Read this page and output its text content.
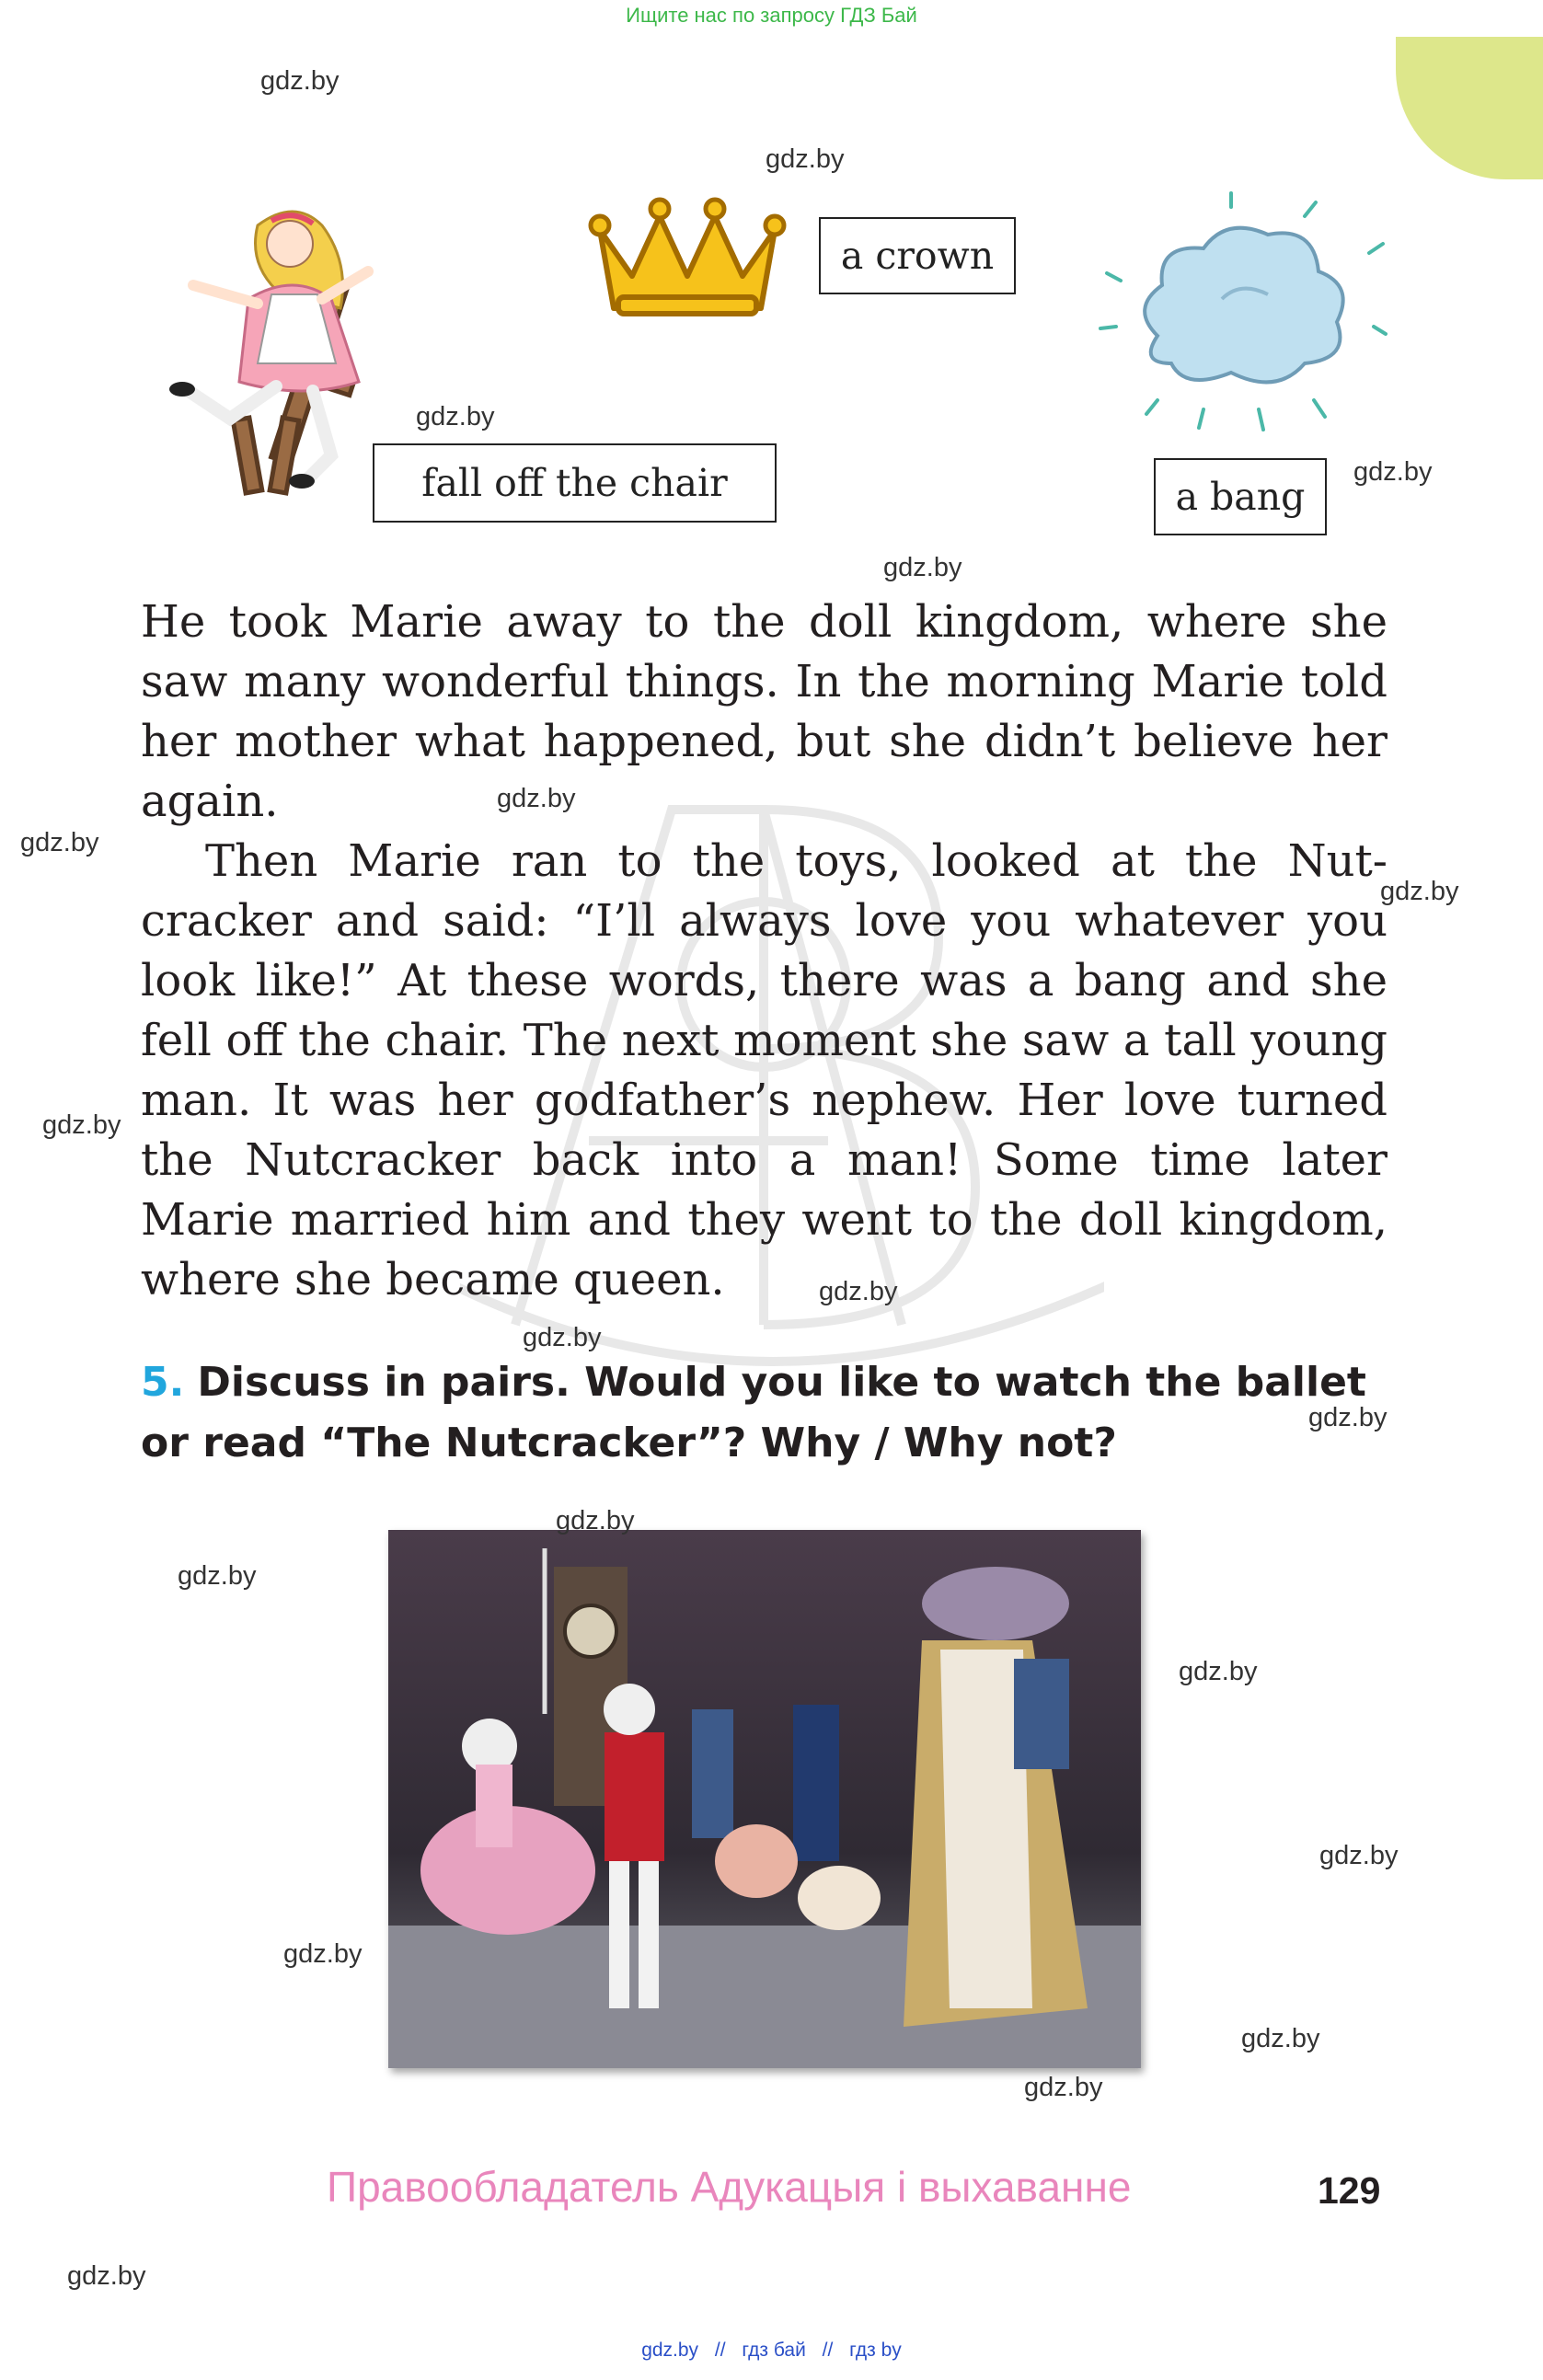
Ищите нас по запросу ГДЗ Бай
a crown
fall off the chair	a bang

He took Marie away to the doll kingdom, where she saw many wonderful things. In the morning Marie told her mother what happened, but she didn’t believe her again.

Then Marie ran to the toys, looked at the Nutcracker and said: “I’ll always love you whatever you look like!” At these words, there was a bang and she fell off the chair. The next moment she saw a tall young man. It was her godfather’s nephew. Her love turned the Nutcracker back into a man! Some time later Marie married him and they went to the doll kingdom, where she became queen.

5. Discuss in pairs. Would you like to watch the ballet or read “The Nutcracker”? Why / Why not?
gdz.by
gdz.by
gdz.by
gdz.by
gdz.by
gdz.by
gdz.by
gdz.by
gdz.by
gdz.by
gdz.by
gdz.by
gdz.by
gdz.by
gdz.by
gdz.by
gdz.by
gdz.by
gdz.by
gdz.by
Правообладатель Адукацыя і выхаванне	129
gdz.by // гдз бай // гдз by
